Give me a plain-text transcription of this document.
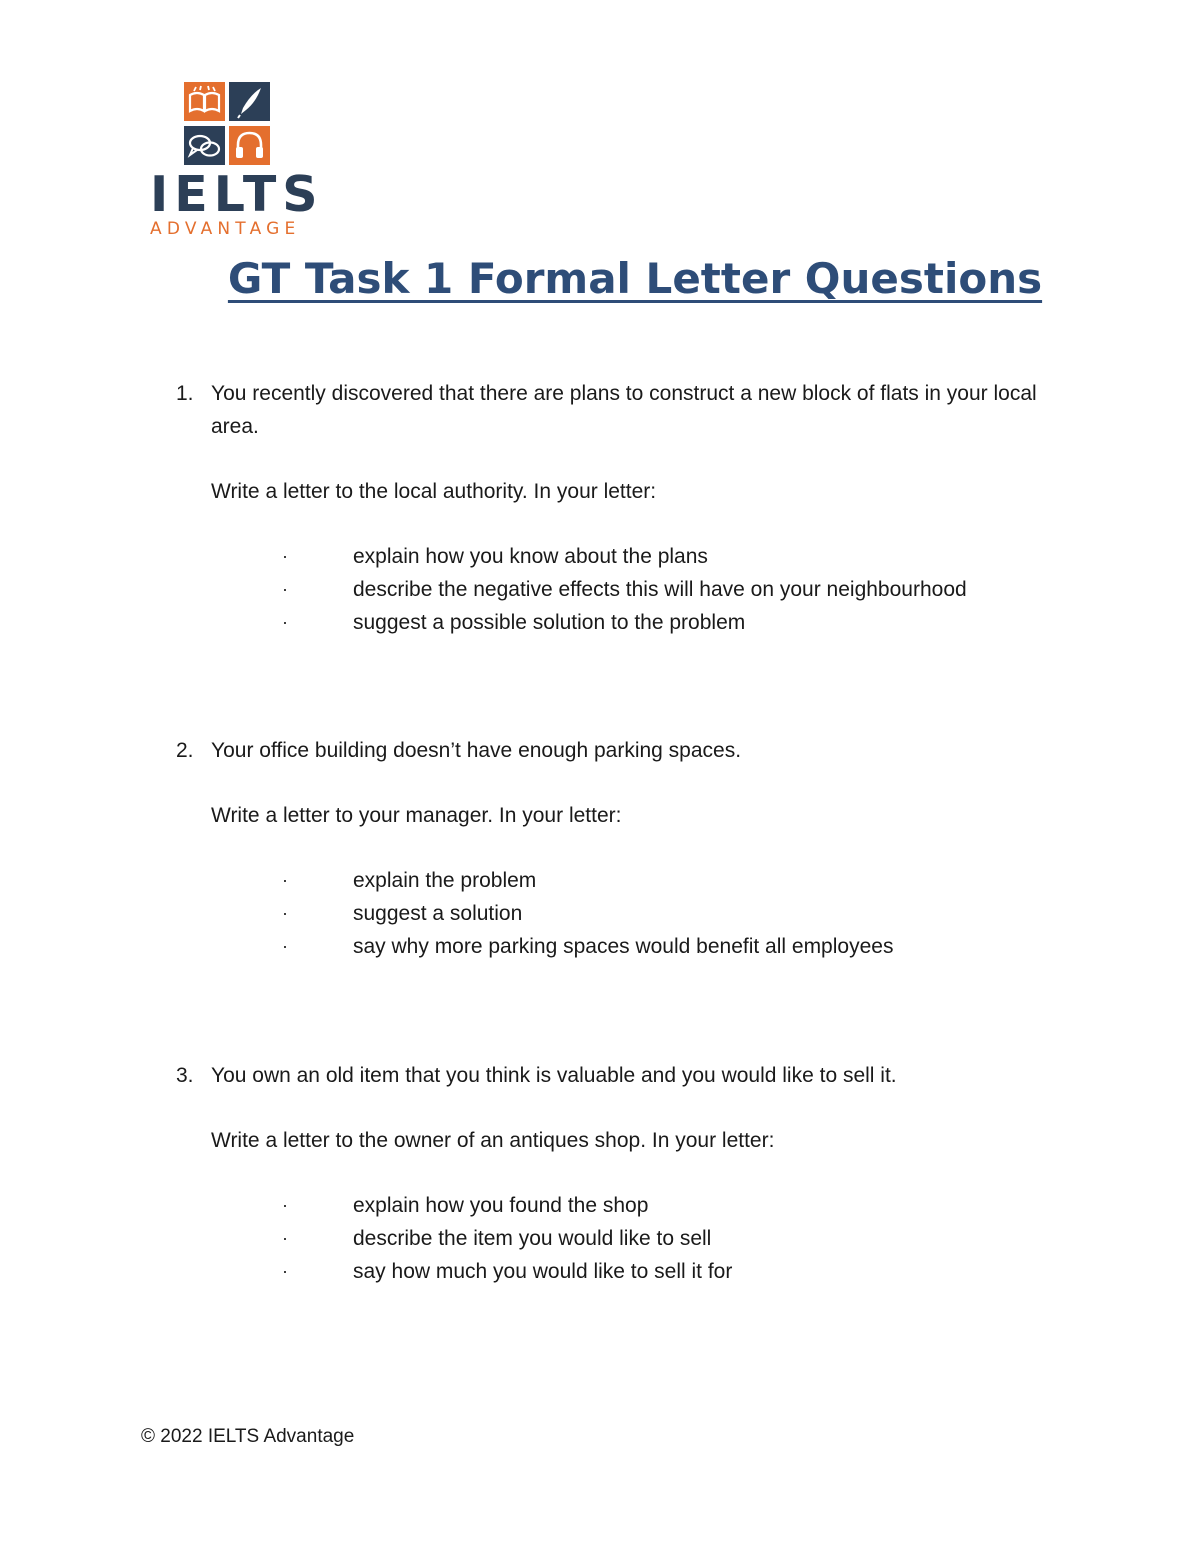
IELTS
ADVANTAGE
GT Task 1 Formal Letter Questions
1. You recently discovered that there are plans to construct a new block of flats in your local area.

Write a letter to the local authority. In your letter:

·	explain how you know about the plans
·	describe the negative effects this will have on your neighbourhood
·	suggest a possible solution to the problem
2. Your office building doesn’t have enough parking spaces.

Write a letter to your manager. In your letter:

·	explain the problem
·	suggest a solution
·	say why more parking spaces would benefit all employees
3. You own an old item that you think is valuable and you would like to sell it.

Write a letter to the owner of an antiques shop. In your letter:

·	explain how you found the shop
·	describe the item you would like to sell
·	say how much you would like to sell it for
© 2022 IELTS Advantage
